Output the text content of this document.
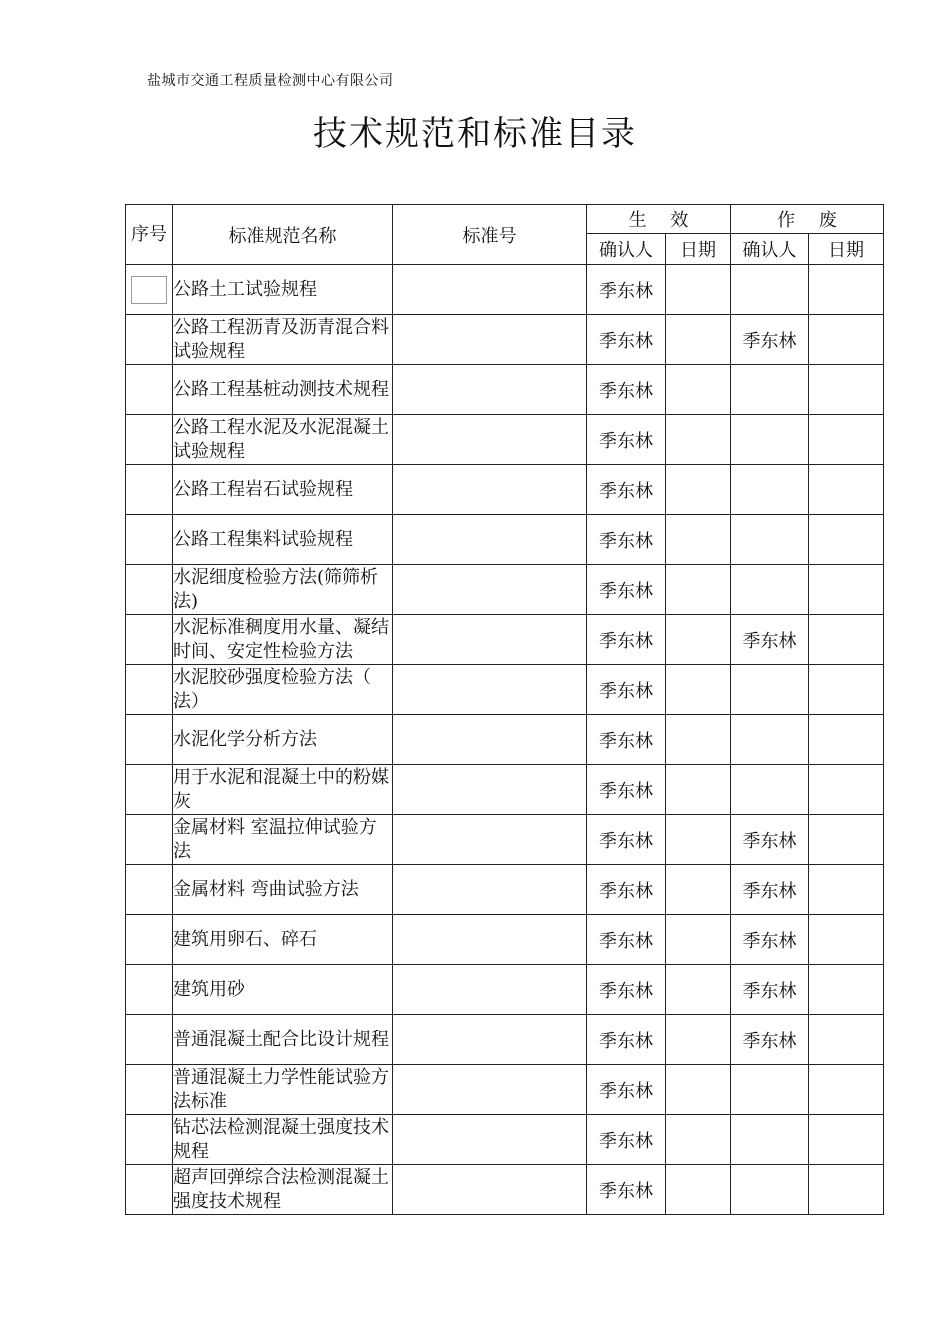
盐城市交通工程质量检测中心有限公司
技术规范和标准目录
序号	标准规范名称	标准号	生　 效		作　 废	
			确认人	日期	确认人	日期

	公路土工试验规程		季东林			
	公路工程沥青及沥青混合料试验规程		季东林		季东林	
	公路工程基桩动测技术规程		季东林			
	公路工程水泥及水泥混凝土试验规程		季东林			
	公路工程岩石试验规程		季东林			
	公路工程集料试验规程		季东林			
	水泥细度检验方法(筛筛析法)		季东林			
	水泥标准稠度用水量、凝结时间、安定性检验方法		季东林		季东林	
	水泥胶砂强度检验方法（　　法）		季东林			
	水泥化学分析方法		季东林			
	用于水泥和混凝土中的粉媒灰		季东林			
	金属材料 室温拉伸试验方法		季东林		季东林	
	金属材料 弯曲试验方法		季东林		季东林	
	建筑用卵石、碎石		季东林		季东林	
	建筑用砂		季东林		季东林	
	普通混凝土配合比设计规程		季东林		季东林	
	普通混凝土力学性能试验方法标准		季东林			
	钻芯法检测混凝土强度技术规程		季东林			
	超声回弹综合法检测混凝土强度技术规程		季东林			
